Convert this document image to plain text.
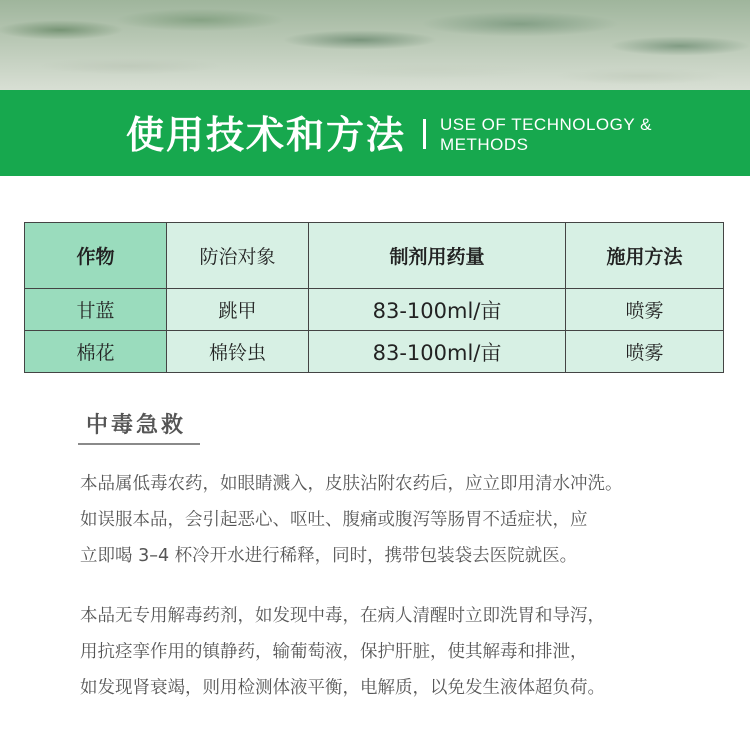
使用技术和方法 USE OF TECHNOLOGY &
METHODS
作物	防治对象	制剂用药量	施用方法
甘蓝	跳甲	83-100ml/亩	喷雾
棉花	棉铃虫	83-100ml/亩	喷雾
中毒急救
本品属低毒农药，如眼睛溅入，皮肤沾附农药后，应立即用清水冲洗。
如误服本品，会引起恶心、呕吐、腹痛或腹泻等肠胃不适症状，应
立即喝 3–4 杯冷开水进行稀释，同时，携带包装袋去医院就医。
本品无专用解毒药剂，如发现中毒，在病人清醒时立即洗胃和导泻，
用抗痉挛作用的镇静药，输葡萄液，保护肝脏，使其解毒和排泄，
如发现肾衰竭，则用检测体液平衡，电解质，以免发生液体超负荷。
